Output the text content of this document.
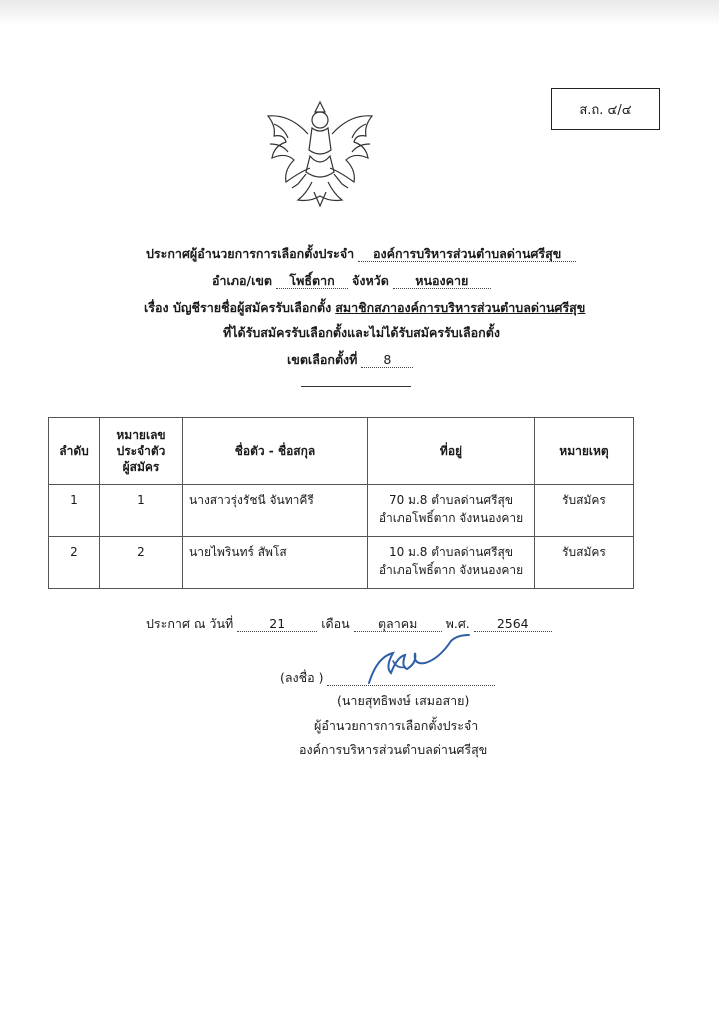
ส.ถ. ๔/๔
ประกาศผู้อำนวยการการเลือกตั้งประจำ องค์การบริหารส่วนตำบลด่านศรีสุข
อำเภอ/เขต โพธิ์ตาก จังหวัด หนองคาย
เรื่อง บัญชีรายชื่อผู้สมัครรับเลือกตั้ง สมาชิกสภาองค์การบริหารส่วนตำบลด่านศรีสุข
ที่ได้รับสมัครรับเลือกตั้งและไม่ได้รับสมัครรับเลือกตั้ง
เขตเลือกตั้งที่ 8
ลำดับ	หมายเลข
ประจำตัว
ผู้สมัคร	ชื่อตัว - ชื่อสกุล	ที่อยู่	หมายเหตุ
1	1	นางสาวรุ่งรัชนี จันทาคีรี	70 ม.8 ตำบลด่านศรีสุข
อำเภอโพธิ์ตาก จังหนองคาย	รับสมัคร
2	2	นายไพรินทร์ สัพโส	10 ม.8 ตำบลด่านศรีสุข
อำเภอโพธิ์ตาก จังหนองคาย	รับสมัคร
ประกาศ ณ วันที่	21	เดือน ตุลาคม พ.ศ. 2564
(ลงชื่อ )
(นายสุทธิพงษ์ เสมอสาย)
ผู้อำนวยการการเลือกตั้งประจำ
องค์การบริหารส่วนตำบลด่านศรีสุข
